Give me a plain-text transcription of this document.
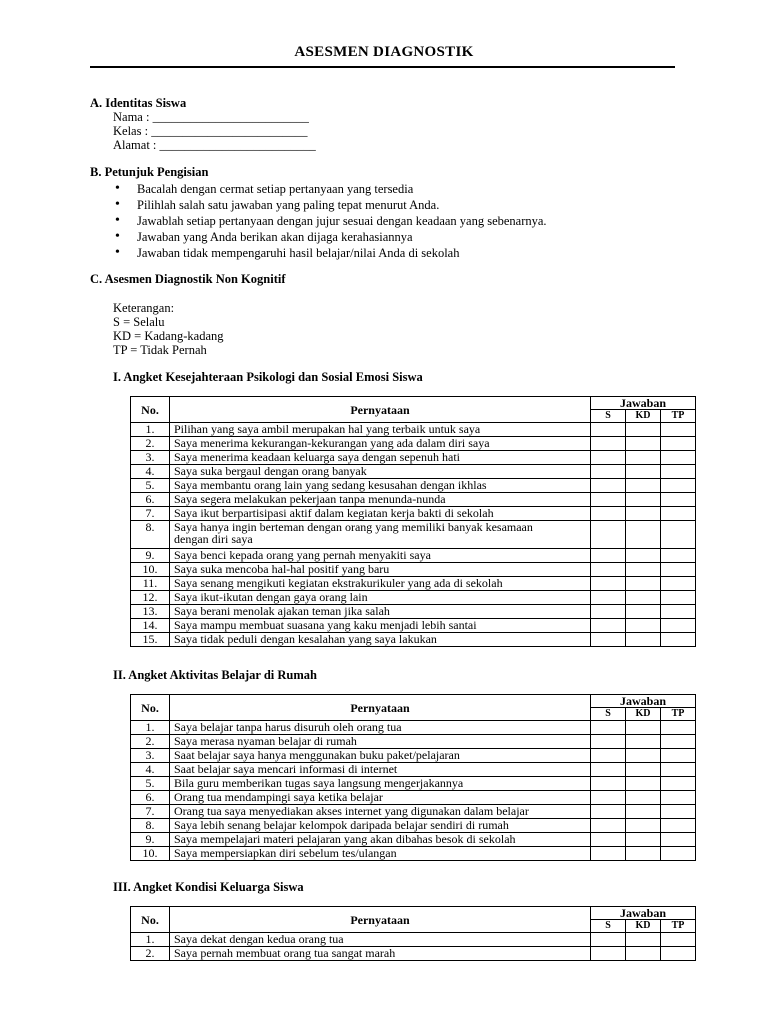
ASESMEN DIAGNOSTIK
A. Identitas Siswa
Nama : _________________________
Kelas : _________________________
Alamat : _________________________
B. Petunjuk Pengisian
• Bacalah dengan cermat setiap pertanyaan yang tersedia
• Pilihlah salah satu jawaban yang paling tepat menurut Anda.
• Jawablah setiap pertanyaan dengan jujur sesuai dengan keadaan yang sebenarnya.
• Jawaban yang Anda berikan akan dijaga kerahasiannya
• Jawaban tidak mempengaruhi hasil belajar/nilai Anda di sekolah
C. Asesmen Diagnostik Non Kognitif
Keterangan:
S = Selalu
KD = Kadang-kadang
TP = Tidak Pernah
I. Angket Kesejahteraan Psikologi dan Sosial Emosi Siswa
No.	Pernyataan	Jawaban		
		S	KD	TP
1.	Pilihan yang saya ambil merupakan hal yang terbaik untuk saya			

2.	Saya menerima kekurangan-kekurangan yang ada dalam diri saya			

3.	Saya menerima keadaan keluarga saya dengan sepenuh hati			

4.	Saya suka bergaul dengan orang banyak			

5.	Saya membantu orang lain yang sedang kesusahan dengan ikhlas			

6.	Saya segera melakukan pekerjaan tanpa menunda-nunda			

7.	Saya ikut berpartisipasi aktif dalam kegiatan kerja bakti di sekolah			

8.	Saya hanya ingin berteman dengan orang yang memiliki banyak kesamaan
dengan diri saya			

9.	Saya benci kepada orang yang pernah menyakiti saya			

10.	Saya suka mencoba hal-hal positif yang baru			

11.	Saya senang mengikuti kegiatan ekstrakurikuler yang ada di sekolah			

12.	Saya ikut-ikutan dengan gaya orang lain			

13.	Saya berani menolak ajakan teman jika salah			

14.	Saya mampu membuat suasana yang kaku menjadi lebih santai			

15.	Saya tidak peduli dengan kesalahan yang saya lakukan			

II. Angket Aktivitas Belajar di Rumah
No.	Pernyataan	Jawaban		
		S	KD	TP
1.	Saya belajar tanpa harus disuruh oleh orang tua			

2.	Saya merasa nyaman belajar di rumah			

3.	Saat belajar saya hanya menggunakan buku paket/pelajaran			

4.	Saat belajar saya mencari informasi di internet			

5.	Bila guru memberikan tugas saya langsung mengerjakannya			

6.	Orang tua mendampingi saya ketika belajar			

7.	Orang tua saya menyediakan akses internet yang digunakan dalam belajar			

8.	Saya lebih senang belajar kelompok daripada belajar sendiri di rumah			

9.	Saya mempelajari materi pelajaran yang akan dibahas besok di sekolah			

10.	Saya mempersiapkan diri sebelum tes/ulangan			

III. Angket Kondisi Keluarga Siswa
No.	Pernyataan	Jawaban		
		S	KD	TP
1.	Saya dekat dengan kedua orang tua			

2.	Saya pernah membuat orang tua sangat marah			
